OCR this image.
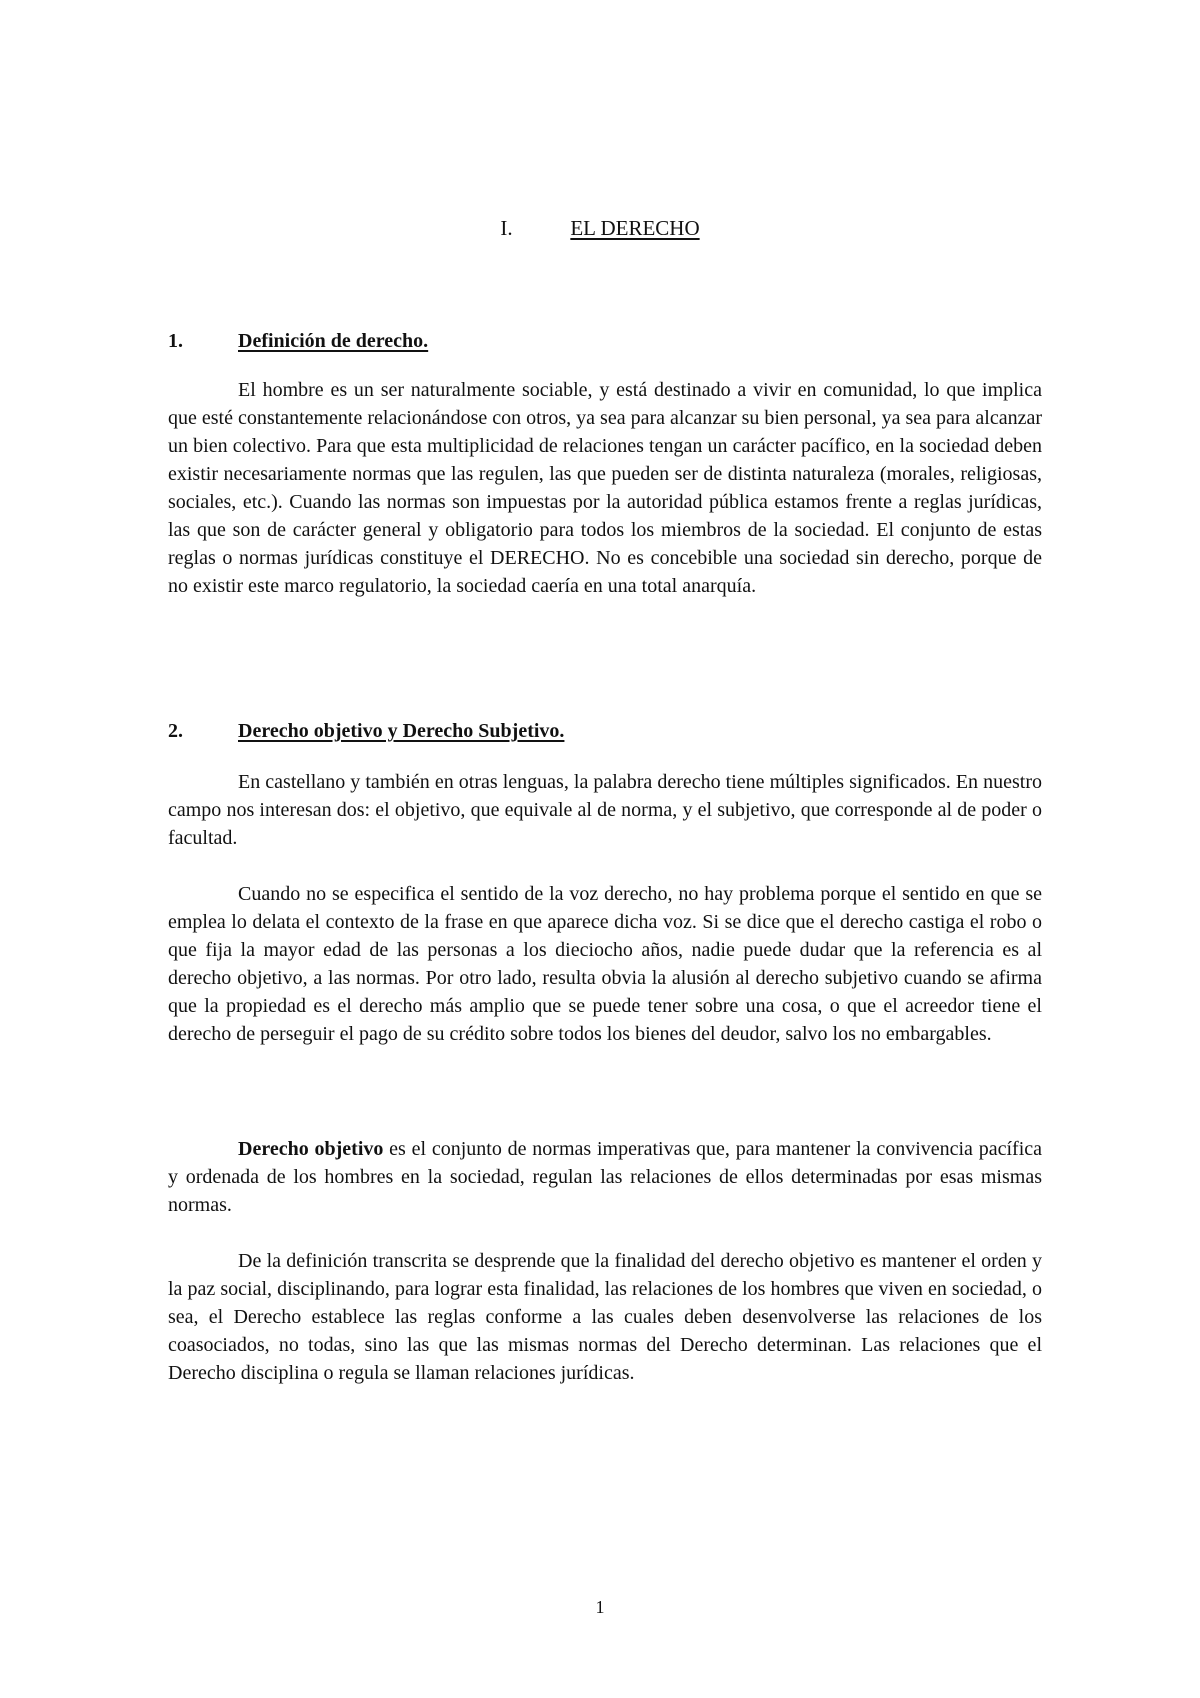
I.	EL DERECHO
1.	Definición de derecho.

El hombre es un ser naturalmente sociable, y está destinado a vivir en comunidad, lo que implica que esté constantemente relacionándose con otros, ya sea para alcanzar su bien personal, ya sea para alcanzar un bien colectivo. Para que esta multiplicidad de relaciones tengan un carácter pacífico, en la sociedad deben existir necesariamente normas que las regulen, las que pueden ser de distinta naturaleza (morales, religiosas, sociales, etc.). Cuando las normas son impuestas por la autoridad pública estamos frente a reglas jurídicas, las que son de carácter general y obligatorio para todos los miembros de la sociedad. El conjunto de estas reglas o normas jurídicas constituye el DERECHO. No es concebible una sociedad sin derecho, porque de no existir este marco regulatorio, la sociedad caería en una total anarquía.

2.	Derecho objetivo y Derecho Subjetivo.

En castellano y también en otras lenguas, la palabra derecho tiene múltiples significados. En nuestro campo nos interesan dos: el objetivo, que equivale al de norma, y el subjetivo, que corresponde al de poder o facultad.

Cuando no se especifica el sentido de la voz derecho, no hay problema porque el sentido en que se emplea lo delata el contexto de la frase en que aparece dicha voz. Si se dice que el derecho castiga el robo o que fija la mayor edad de las personas a los dieciocho años, nadie puede dudar que la referencia es al derecho objetivo, a las normas. Por otro lado, resulta obvia la alusión al derecho subjetivo cuando se afirma que la propiedad es el derecho más amplio que se puede tener sobre una cosa, o que el acreedor tiene el derecho de perseguir el pago de su crédito sobre todos los bienes del deudor, salvo los no embargables.

Derecho objetivo es el conjunto de normas imperativas que, para mantener la convivencia pacífica y ordenada de los hombres en la sociedad, regulan las relaciones de ellos determinadas por esas mismas normas.

De la definición transcrita se desprende que la finalidad del derecho objetivo es mantener el orden y la paz social, disciplinando, para lograr esta finalidad, las relaciones de los hombres que viven en sociedad, o sea, el Derecho establece las reglas conforme a las cuales deben desenvolverse las relaciones de los coasociados, no todas, sino las que las mismas normas del Derecho determinan. Las relaciones que el Derecho disciplina o regula se llaman relaciones jurídicas.

1
